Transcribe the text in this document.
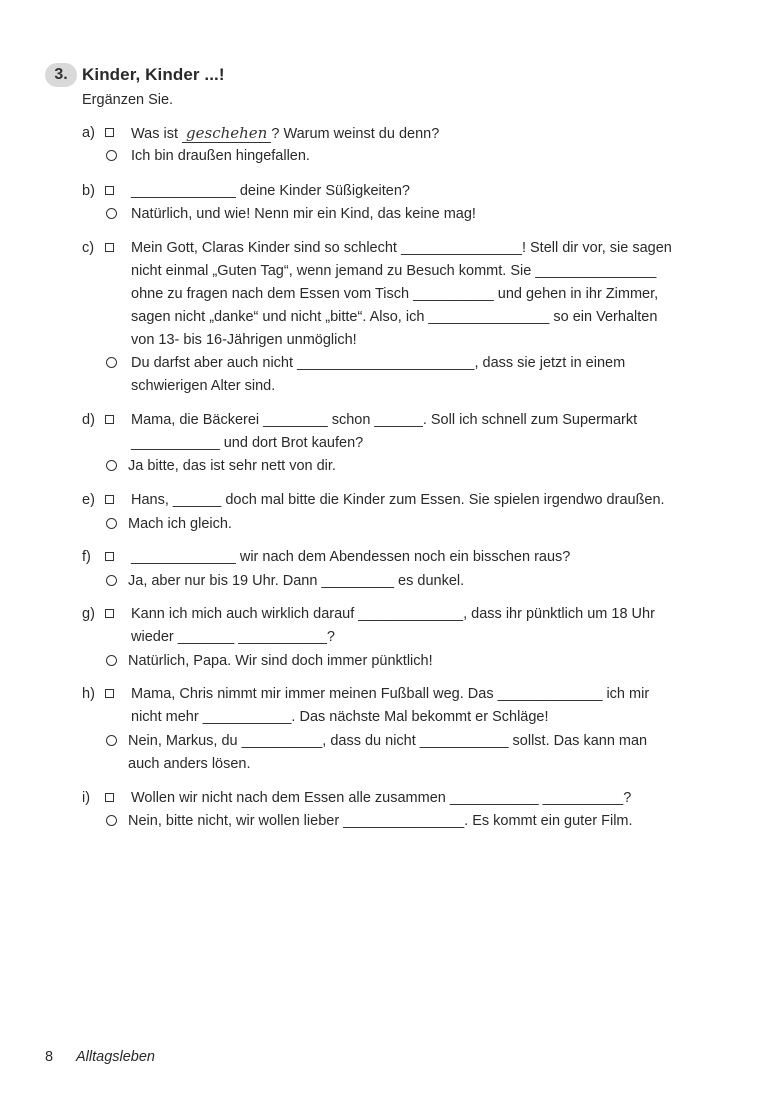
3. Kinder, Kinder ...!
Ergänzen Sie.
a) Was ist geschehen ? Warum weinst du denn?
Ich bin draußen hingefallen.
b) _____________ deine Kinder Süßigkeiten?
Natürlich, und wie! Nenn mir ein Kind, das keine mag!
c)	Mein Gott, Claras Kinder sind so schlecht _______________! Stell dir vor, sie sagen
nicht einmal „Guten Tag“, wenn jemand zu Besuch kommt. Sie _______________
ohne zu fragen nach dem Essen vom Tisch __________ und gehen in ihr Zimmer,
sagen nicht „danke“ und nicht „bitte“. Also, ich _______________ so ein Verhalten
von 13- bis 16-Jährigen unmöglich!
Du darfst aber auch nicht ______________________, dass sie jetzt in einem
schwierigen Alter sind.
d) Mama, die Bäckerei ________ schon ______. Soll ich schnell zum Supermarkt
___________ und dort Brot kaufen?
Ja bitte, das ist sehr nett von dir.
e) Hans, ______ doch mal bitte die Kinder zum Essen. Sie spielen irgendwo draußen.
Mach ich gleich.
f)	_____________ wir nach dem Abendessen noch ein bisschen raus?
Ja, aber nur bis 19 Uhr. Dann _________ es dunkel.
g) Kann ich mich auch wirklich darauf _____________, dass ihr pünktlich um 18 Uhr
wieder _______ ___________?
Natürlich, Papa. Wir sind doch immer pünktlich!
h) Mama, Chris nimmt mir immer meinen Fußball weg. Das _____________ ich mir
nicht mehr ___________. Das nächste Mal bekommt er Schläge!
Nein, Markus, du __________, dass du nicht ___________ sollst. Das kann man
auch anders lösen.
i)	Wollen wir nicht nach dem Essen alle zusammen ___________ __________?
Nein, bitte nicht, wir wollen lieber _______________. Es kommt ein guter Film.
8 Alltagsleben
